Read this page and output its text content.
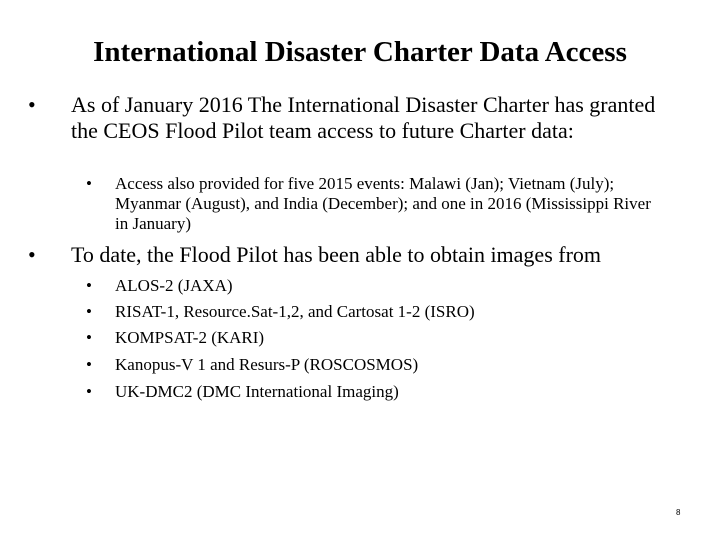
International Disaster Charter Data Access
• As of January 2016 The International Disaster Charter has granted the CEOS Flood Pilot team access to future Charter data:
• Access also provided for five 2015 events: Malawi (Jan); Vietnam (July); Myanmar (August), and India (December); and one in 2016 (Mississippi River in January)
• To date, the Flood Pilot has been able to obtain images from
• ALOS-2 (JAXA)
• RISAT-1, Resource.Sat-1,2, and Cartosat 1-2 (ISRO)
• KOMPSAT-2 (KARI)
• Kanopus-V 1 and Resurs-P (ROSCOSMOS)
• UK-DMC2 (DMC International Imaging)
8
